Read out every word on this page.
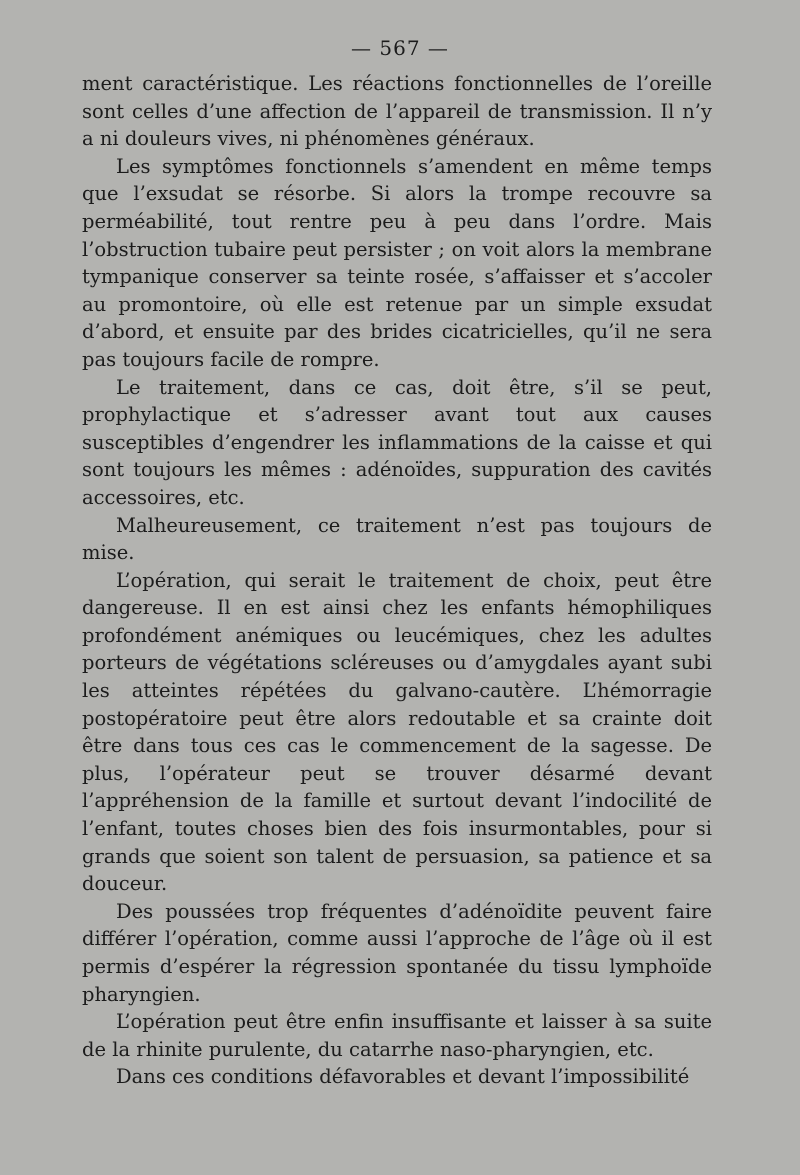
— 567 —

ment caractéristique. Les réactions fonctionnelles de l’oreille sont celles d’une affection de l’appareil de transmission. Il n’y a ni douleurs vives, ni phénomènes généraux.

Les symptômes fonctionnels s’amendent en même temps que l’exsudat se résorbe. Si alors la trompe recouvre sa perméabilité, tout rentre peu à peu dans l’ordre. Mais l’obstruction tubaire peut persister ; on voit alors la membrane tympanique conserver sa teinte rosée, s’affaisser et s’accoler au promontoire, où elle est retenue par un simple exsudat d’abord, et ensuite par des brides cicatricielles, qu’il ne sera pas toujours facile de rompre.

Le traitement, dans ce cas, doit être, s’il se peut, prophylactique et s’adresser avant tout aux causes susceptibles d’engendrer les inflammations de la caisse et qui sont toujours les mêmes : adénoïdes, suppuration des cavités accessoires, etc.

Malheureusement, ce traitement n’est pas toujours de mise.

L’opération, qui serait le traitement de choix, peut être dangereuse. Il en est ainsi chez les enfants hémophiliques profondément anémiques ou leucémiques, chez les adultes porteurs de végétations scléreuses ou d’amygdales ayant subi les atteintes répétées du galvano-cautère. L’hémorragie postopératoire peut être alors redoutable et sa crainte doit être dans tous ces cas le commencement de la sagesse. De plus, l’opérateur peut se trouver désarmé devant l’appréhension de la famille et surtout devant l’indocilité de l’enfant, toutes choses bien des fois insurmontables, pour si grands que soient son talent de persuasion, sa patience et sa douceur.

Des poussées trop fréquentes d’adénoïdite peuvent faire différer l’opération, comme aussi l’approche de l’âge où il est permis d’espérer la régression spontanée du tissu lymphoïde pharyngien.

L’opération peut être enfin insuffisante et laisser à sa suite de la rhinite purulente, du catarrhe naso-pharyngien, etc.

Dans ces conditions défavorables et devant l’impossibilité
